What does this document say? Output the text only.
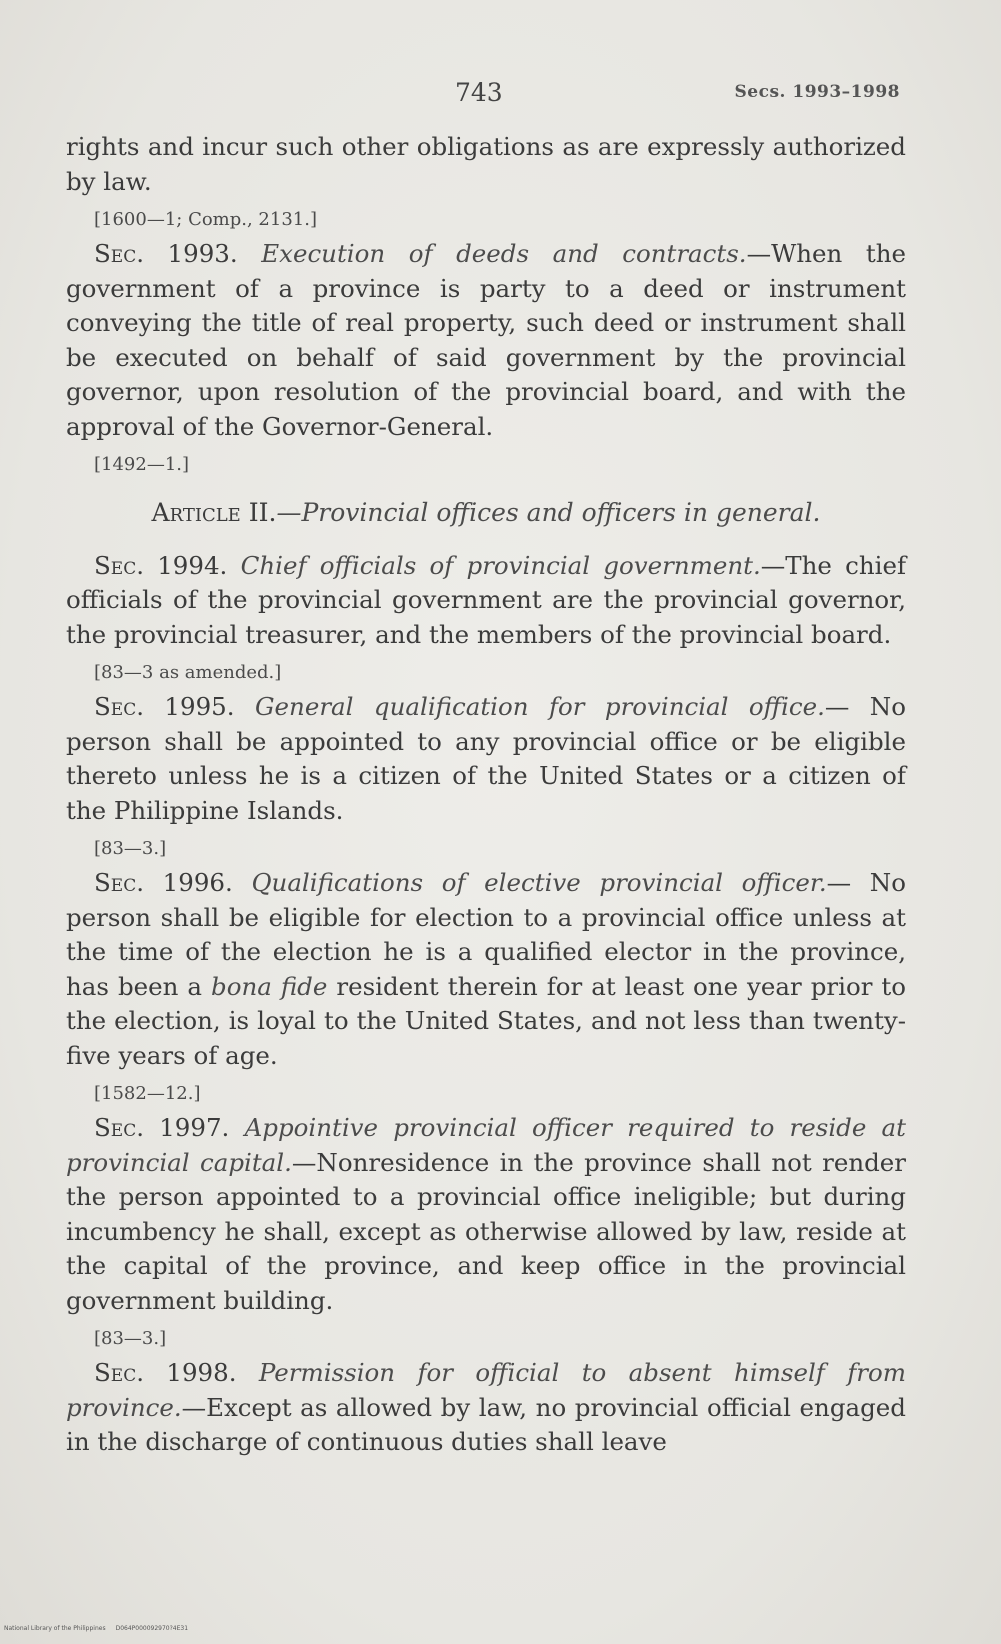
743	Secs. 1993–1998

rights and incur such other obligations as are expressly authorized by law.

[1600—1; Comp., 2131.]

Sec. 1993. Execution of deeds and contracts.—When the government of a province is party to a deed or instrument conveying the title of real property, such deed or instrument shall be executed on behalf of said government by the provincial governor, upon resolution of the provincial board, and with the approval of the Governor-General.

[1492—1.]

Article II.—Provincial offices and officers in general.

Sec. 1994. Chief officials of provincial government.—The chief officials of the provincial government are the provincial governor, the provincial treasurer, and the members of the provincial board.

[83—3 as amended.]

Sec. 1995. General qualification for provincial office.— No person shall be appointed to any provincial office or be eligible thereto unless he is a citizen of the United States or a citizen of the Philippine Islands.

[83—3.]

Sec. 1996. Qualifications of elective provincial officer.— No person shall be eligible for election to a provincial office unless at the time of the election he is a qualified elector in the province, has been a bona fide resident therein for at least one year prior to the election, is loyal to the United States, and not less than twenty-five years of age.

[1582—12.]

Sec. 1997. Appointive provincial officer required to reside at provincial capital.—Nonresidence in the province shall not render the person appointed to a provincial office ineligible; but during incumbency he shall, except as otherwise allowed by law, reside at the capital of the province, and keep office in the provincial government building.

[83—3.]

Sec. 1998. Permission for official to absent himself from province.—Except as allowed by law, no provincial official engaged in the discharge of continuous duties shall leave

National Library of the Philippines D064P000092970?4E31
